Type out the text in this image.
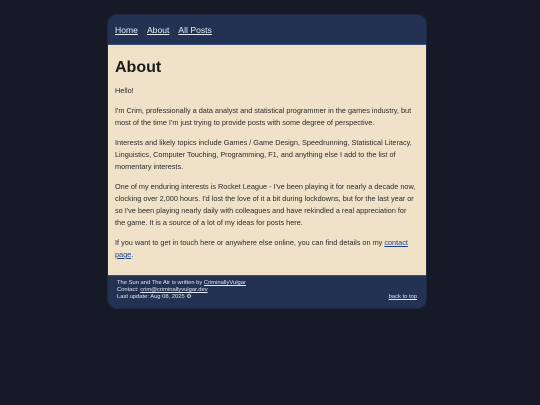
Home About All Posts
About

Hello!

I'm Crim, professionally a data analyst and statistical programmer in the games industry, but most of the time I'm just trying to provide posts with some degree of perspective.

Interests and likely topics include Games / Game Design, Speedrunning, Statistical Literacy, Linguistics, Computer Touching, Programming, F1, and anything else I add to the list of momentary interests.

One of my enduring interests is Rocket League - I've been playing it for nearly a decade now, clocking over 2,000 hours. I'd lost the love of it a bit during lockdowns, but for the last year or so I've been playing nearly daily with colleagues and have rekindled a real appreciation for the game. It is a source of a lot of my ideas for posts here.

If you want to get in touch here or anywhere else online, you can find details on my contact page.

The Sun and The Air is written by CriminallyVulgar
Contact: crim@criminallyvulgar.dev
Last update: Aug 08, 2025 ⚙	back to top
